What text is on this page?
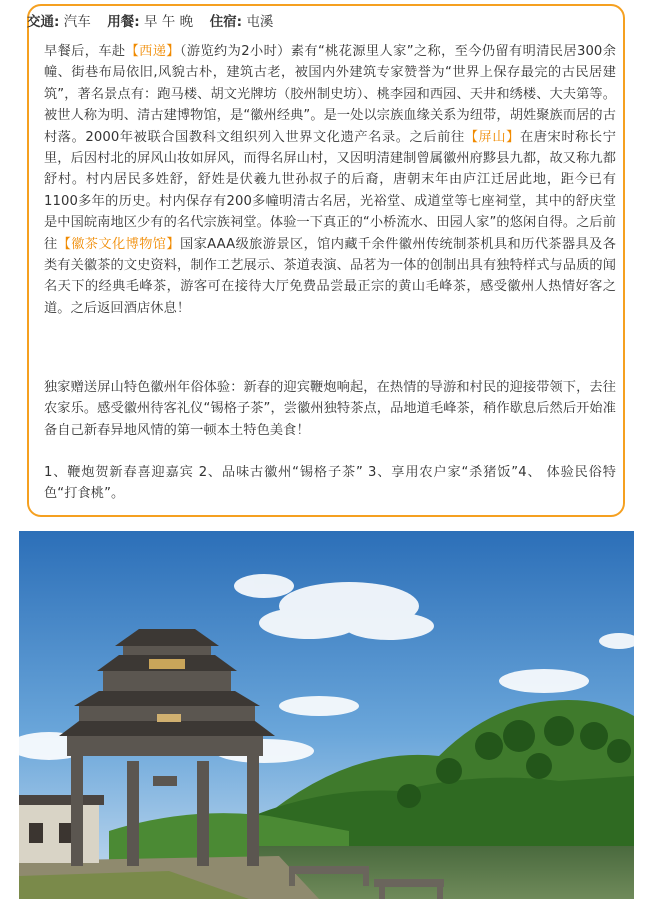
交通: 汽车 用餐: 早 午 晚 住宿: 屯溪
早餐后，车赴【西递】（游览约为2小时）素有“桃花源里人家”之称，至今仍留有明清民居300余幢、街巷布局依旧,风貌古朴，建筑古老，被国内外建筑专家赞誉为“世界上保存最完的古民居建筑”，著名景点有：跑马楼、胡文光牌坊（胶州制史坊）、桃李园和西园、天井和绣楼、大夫第等。被世人称为明、清古建博物馆，是“徽州经典”。是一处以宗族血缘关系为纽带，胡姓聚族而居的古村落。2000年被联合国教科文组织列入世界文化遗产名录。之后前往【屏山】在唐宋时称长宁里，后因村北的屏风山妆如屏风，而得名屏山村，又因明清建制曾属徽州府黟县九都，故又称九都舒村。村内居民多姓舒，舒姓是伏羲九世孙叔子的后裔，唐朝末年由庐江迁居此地，距今已有1100多年的历史。村内保存有200多幢明清古名居，光裕堂、成道堂等七座祠堂，其中的舒庆堂是中国皖南地区少有的名代宗族祠堂。体验一下真正的“小桥流水、田园人家”的悠闲自得。之后前往【徽茶文化博物馆】国家AAA级旅游景区，馆内藏千余件徽州传统制茶机具和历代茶器具及各类有关徽茶的文史资料，制作工艺展示、茶道表演、品茗为一体的创制出具有独特样式与品质的闻名天下的经典毛峰茶，游客可在接待大厅免费品尝最正宗的黄山毛峰茶，感受徽州人热情好客之道。之后返回酒店休息！
独家赠送屏山特色徽州年俗体验：新春的迎宾鞭炮响起，在热情的导游和村民的迎接带领下，去往农家乐。感受徽州待客礼仪“锡格子茶”，尝徽州独特茶点，品地道毛峰茶，稍作歇息后然后开始准备自己新春异地风情的第一顿本土特色美食！
1、鞭炮贺新春喜迎嘉宾 2、品味古徽州“锡格子茶” 3、享用农户家“杀猪饭”4、 体验民俗特色“打食桃”。
